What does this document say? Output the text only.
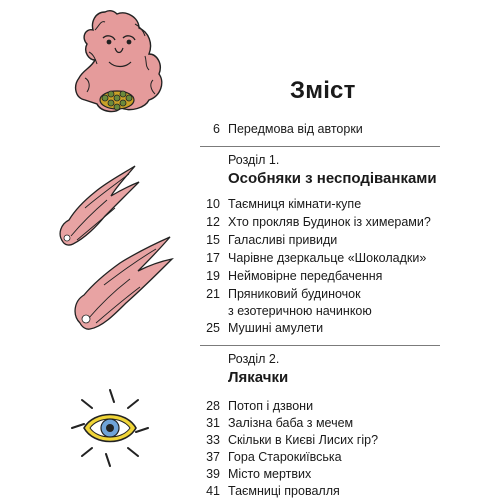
Зміст
6 Передмова від авторки
Розділ 1.
Особняки з несподіванками
10 Таємниця кімнати-купе
12 Хто прокляв Будинок із химерами?
15 Галасливі привиди
17 Чарівне дзеркальце «Шоколадки»
19 Неймовірне передбачення
21 Пряниковий будиночок
з езотеричною начинкою
25 Мушині амулети
Розділ 2.
Лякачки
28 Потоп і дзвони
31 Залізна баба з мечем
33 Скільки в Києві Лисих гір?
37 Гора Старокиївська
39 Місто мертвих
41 Таємниці провалля
